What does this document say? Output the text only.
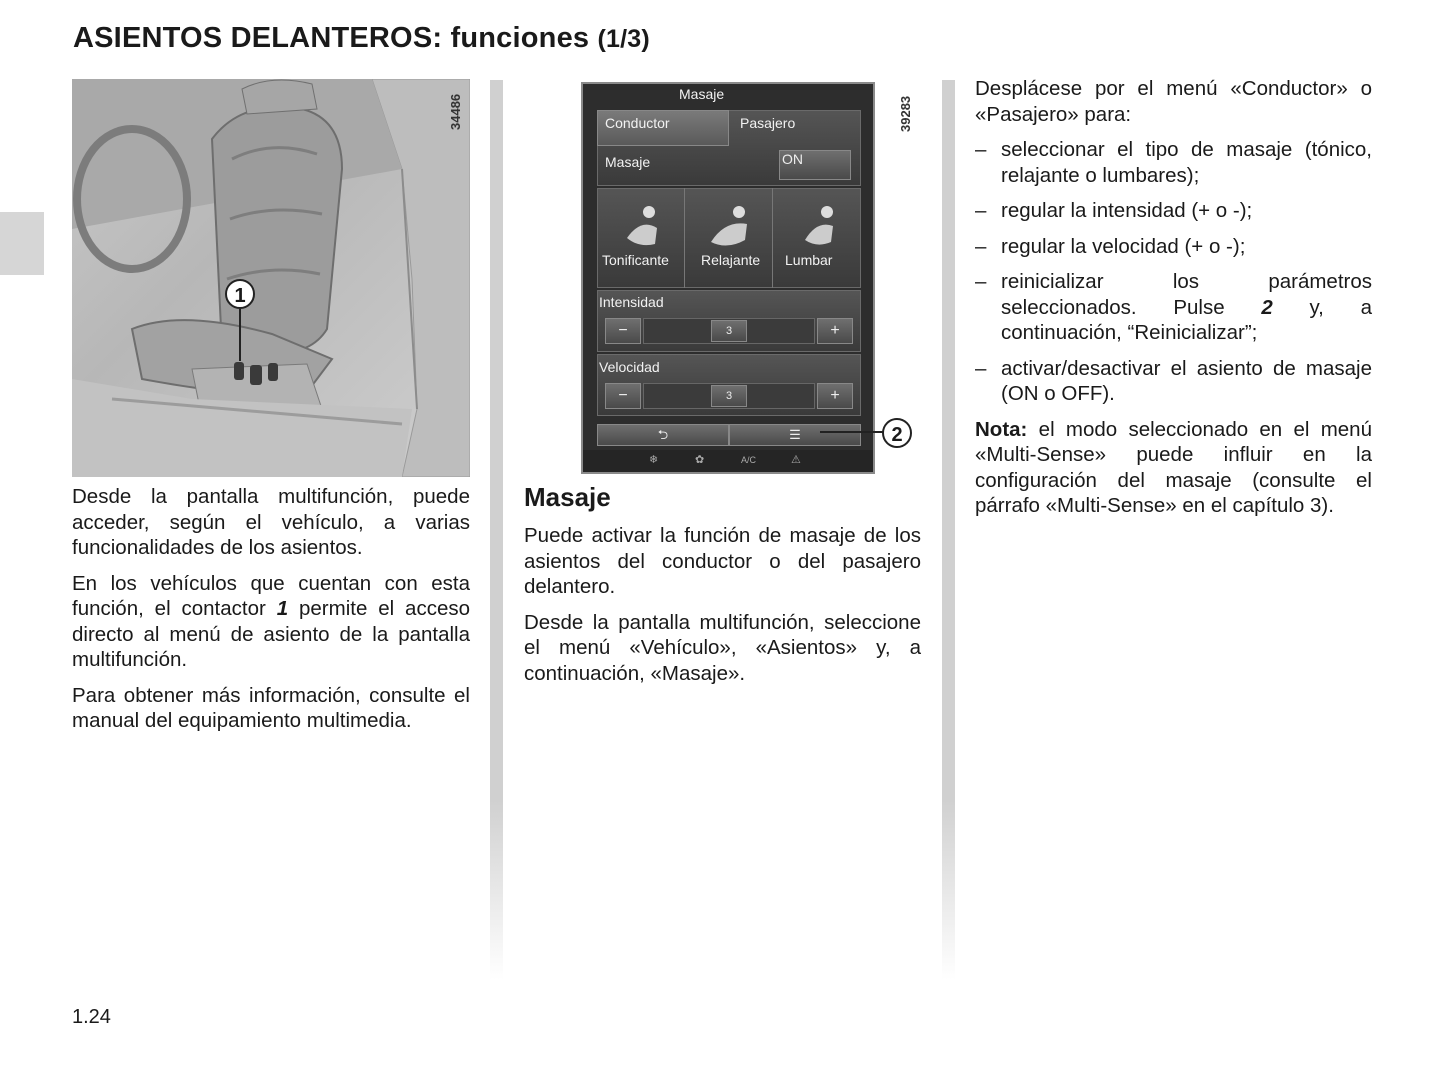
ASIENTOS DELANTEROS: funciones (1/3)
1
34486	Masaje
Conductor	Pasajero
Masaje	ON
Tonificante Relajante Lumbar
Intensidad
−	3	+
Velocidad
−	3	+
⮌	☰
❄	✿	A/C	⚠
2
39283

Desde la pantalla multifunción, puede acceder, según el vehículo, a varias funcionalidades de los asientos.

En los vehículos que cuentan con esta función, el contactor 1 permite el acceso directo al menú de asiento de la pantalla multifunción.

Para obtener más información, consulte el manual del equipamiento multimedia.

Masaje

Puede activar la función de masaje de los asientos del conductor o del pasajero delantero.

Desde la pantalla multifunción, seleccione el menú «Vehículo», «Asientos» y, a continuación, «Masaje».

Desplácese por el menú «Conductor» o «Pasajero» para:

– seleccionar el tipo de masaje (tónico, relajante o lumbares);
– regular la intensidad (+ o -);
– regular la velocidad (+ o -);
– reinicializar los parámetros seleccionados. Pulse 2 y, a continuación, “Reinicializar”;
– activar/desactivar el asiento de masaje (ON o OFF).

Nota: el modo seleccionado en el menú «Multi-Sense» puede influir en la configuración del masaje (consulte el párrafo «Multi-Sense» en el capítulo 3).

1.24
